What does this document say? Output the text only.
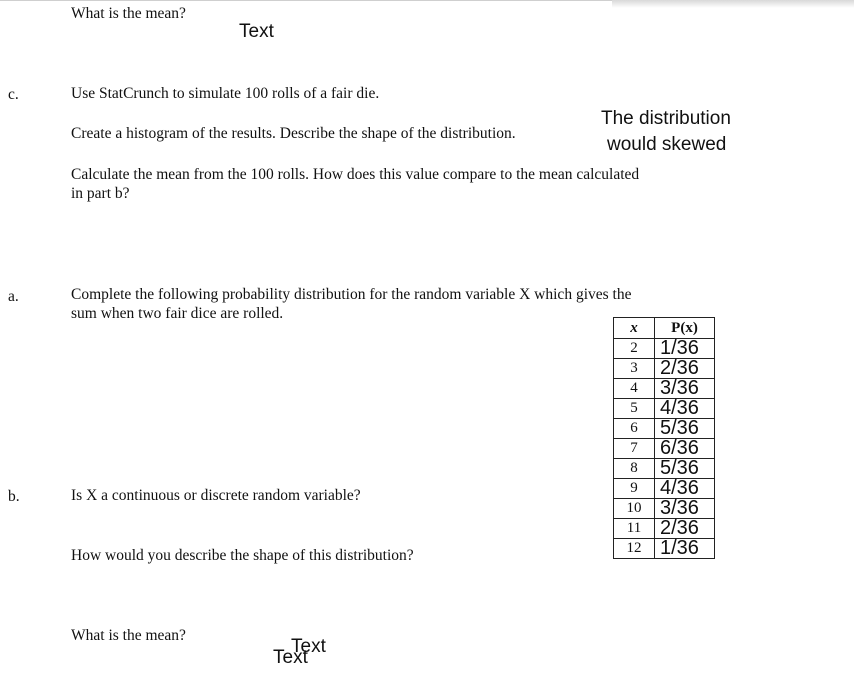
What is the mean?
Text
c.	Use StatCrunch to simulate 100 rolls of a fair die.
Create a histogram of the results. Describe the shape of the distribution.
The distribution
would skewed
Calculate the mean from the 100 rolls. How does this value compare to the mean calculated
in part b?
a.	Complete the following probability distribution for the random variable X which gives the
sum when two fair dice are rolled.
x	P(x)
2	1/36
3	2/36
4	3/36
5	4/36
6	5/36
7	6/36
8	5/36
9	4/36
10	3/36
11	2/36
12	1/36
b.	Is X a continuous or discrete random variable?
How would you describe the shape of this distribution?
What is the mean?
Text
Text
